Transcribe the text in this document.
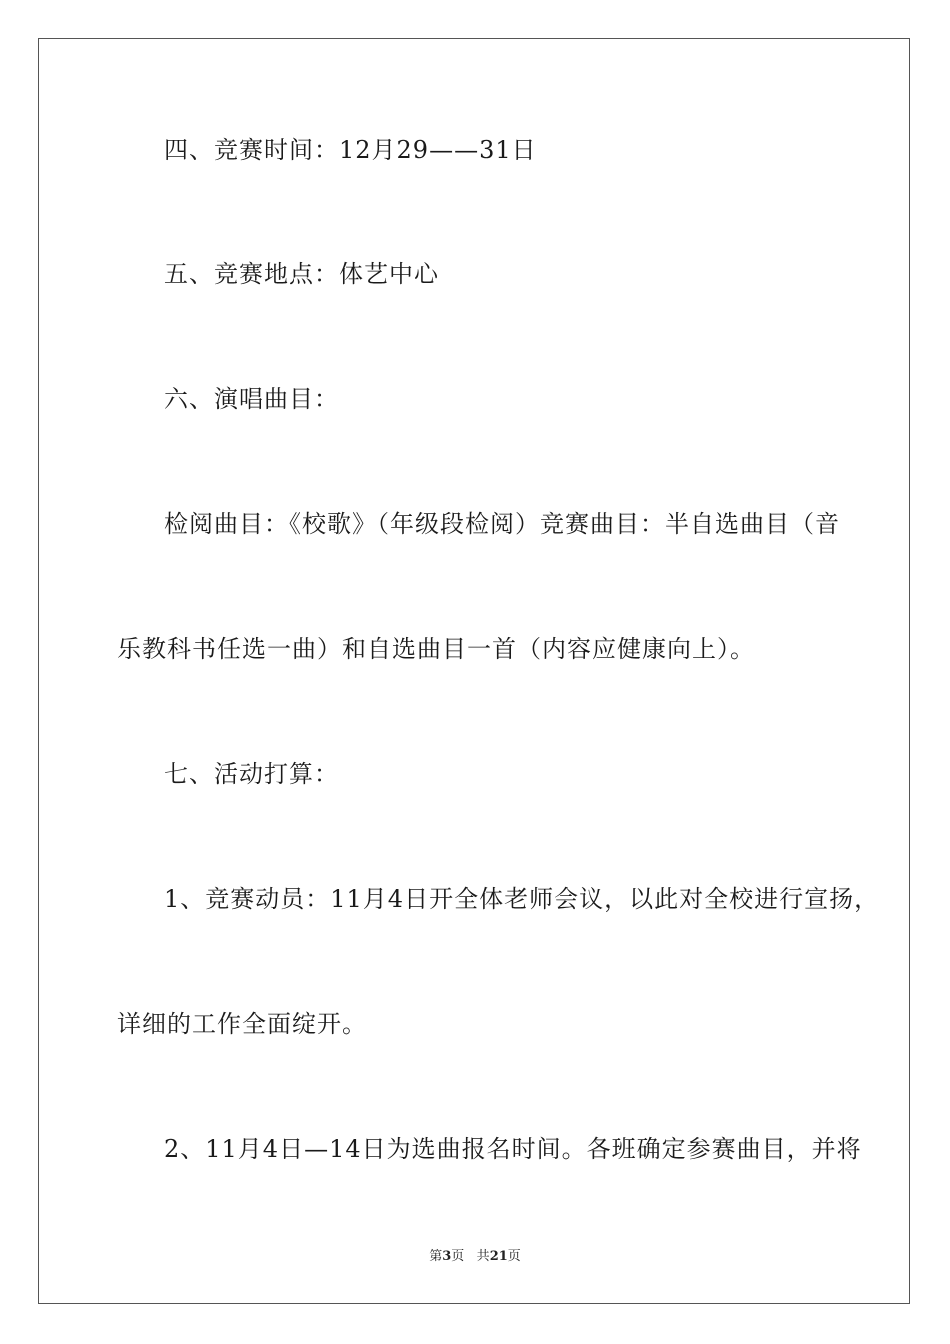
四、竞赛时间：12月29——31日
五、竞赛地点：体艺中心
六、演唱曲目：
检阅曲目：《校歌》（年级段检阅）竞赛曲目：半自选曲目（音
乐教科书任选一曲）和自选曲目一首（内容应健康向上）。
七、活动打算：
1、竞赛动员：11月4日开全体老师会议，以此对全校进行宣扬，
详细的工作全面绽开。
2、11月4日—14日为选曲报名时间。各班确定参赛曲目，并将
第3页 共21页
